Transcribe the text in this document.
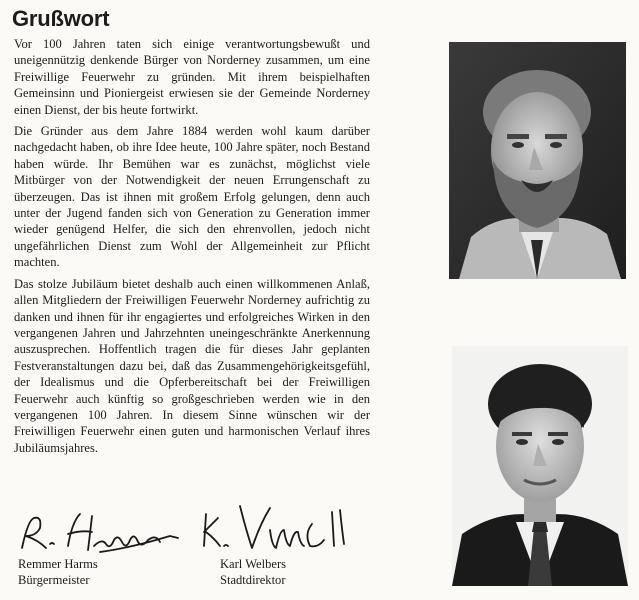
Grußwort

Vor 100 Jahren taten sich einige verantwortungsbewußt und uneigennützig denkende Bürger von Norderney zusammen, um eine Freiwillige Feuerwehr zu gründen. Mit ihrem beispielhaften Gemeinsinn und Pioniergeist erwiesen sie der Gemeinde Norderney einen Dienst, der bis heute fortwirkt.

Die Gründer aus dem Jahre 1884 werden wohl kaum darüber nachgedacht haben, ob ihre Idee heute, 100 Jahre später, noch Bestand haben würde. Ihr Bemühen war es zunächst, möglichst viele Mitbürger von der Notwendigkeit der neuen Errungenschaft zu überzeugen. Das ist ihnen mit großem Erfolg gelungen, denn auch unter der Jugend fanden sich von Generation zu Generation immer wieder genügend Helfer, die sich den ehrenvollen, jedoch nicht ungefährlichen Dienst zum Wohl der Allgemeinheit zur Pflicht machten.

Das stolze Jubiläum bietet deshalb auch einen willkommenen Anlaß, allen Mitgliedern der Freiwilligen Feuerwehr Norderney aufrichtig zu danken und ihnen für ihr engagiertes und erfolgreiches Wirken in den vergangenen Jahren und Jahrzehnten uneingeschränkte Anerkennung auszusprechen. Hoffentlich tragen die für dieses Jahr geplanten Festveranstaltungen dazu bei, daß das Zusammengehörigkeitsgefühl, der Idealismus und die Opferbereitschaft bei der Freiwilligen Feuerwehr auch künftig so großgeschrieben werden wie in den vergangenen 100 Jahren. In diesem Sinne wünschen wir der Freiwilligen Feuerwehr einen guten und harmonischen Verlauf ihres Jubiläumsjahres.

Remmer Harms
Bürgermeister
Karl Welbers
Stadtdirektor
